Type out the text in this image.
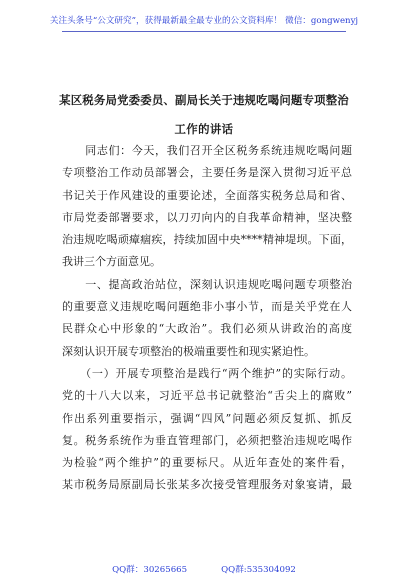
关注头条号“公文研究”，获得最新最全最专业的公文资料库！ 微信：gongwenyj
某区税务局党委委员、副局长关于违规吃喝问题专项整治
工作的讲话
　　同志们：今天，我们召开全区税务系统违规吃喝问题
专项整治工作动员部署会，主要任务是深入贯彻习近平总
书记关于作风建设的重要论述，全面落实税务总局和省、
市局党委部署要求，以刀刃向内的自我革命精神，坚决整
治违规吃喝顽瘴痼疾，持续加固中央****精神堤坝。下面，
我讲三个方面意见。
　　一、提高政治站位，深刻认识违规吃喝问题专项整治
的重要意义违规吃喝问题绝非小事小节，而是关乎党在人
民群众心中形象的“大政治”。我们必须从讲政治的高度
深刻认识开展专项整治的极端重要性和现实紧迫性。
　　（一）开展专项整治是践行“两个维护”的实际行动。
党的十八大以来，习近平总书记就整治“舌尖上的腐败”
作出系列重要指示，强调“四风”问题必须反复抓、抓反
复。税务系统作为垂直管理部门，必须把整治违规吃喝作
为检验“两个维护”的重要标尺。从近年查处的案件看，
某市税务局原副局长张某多次接受管理服务对象宴请，最
QQ群：30265665	QQ群:535304092
